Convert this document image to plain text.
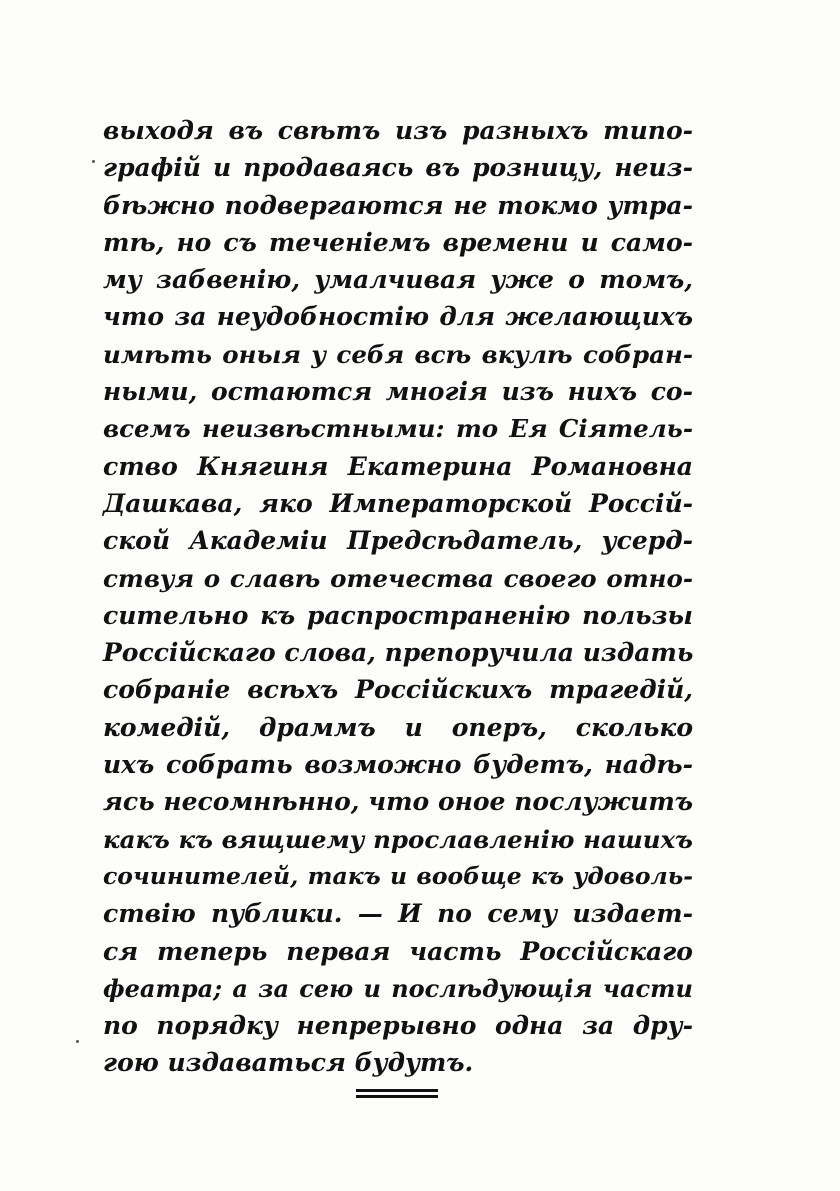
выходя въ свѣтъ изъ разныхъ типо-
графій и продаваясь въ розницу, неиз-
бѣжно подвергаются не токмо утра-
тѣ, но съ теченіемъ времени и само-
му забвенію, умалчивая уже о томъ,
что за неудобностію для желающихъ
имѣть оныя у себя всѣ вкулѣ собран-
ными, остаются многія изъ нихъ со-
всемъ неизвѣстными: то Ея Сіятель-
ство Княгиня Екатерина Романовна
Дашкава, яко Императорской Россій-
ской Академіи Предсѣдатель, усерд-
ствуя о славѣ отечества своего отно-
сительно къ распространенію пользы
Россійскаго слова, препоручила издать
собраніе всѣхъ Россійскихъ трагедій,
комедій, драммъ и оперъ, сколько
ихъ собрать возможно будетъ, надѣ-
ясь несомнѣнно, что оное послужитъ
какъ къ вящшему прославленію нашихъ
сочинителей, такъ и вообще къ удоволь-
ствію публики. — И по сему издает-
ся теперь первая часть Россійскаго
феатра; а за сею и послѣдующія части
по порядку непрерывно одна за дру-
гою издаваться будутъ.
